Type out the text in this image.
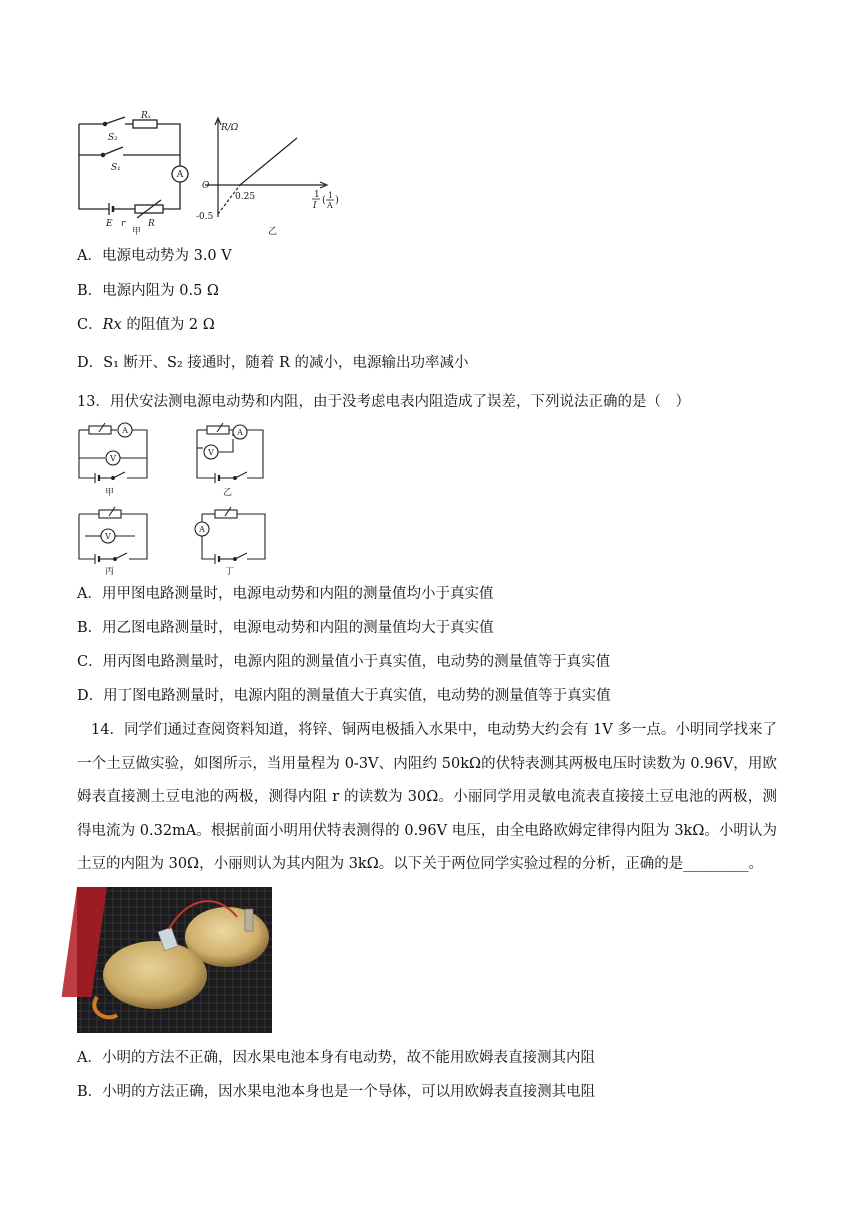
A
Rₓ
S₂
S₁
E r	R
甲
R/Ω
O
0.25
-0.5
1
I ( 1
A )
乙
A．电源电动势为 3.0 V
B．电源内阻为 0.5 Ω
C．Rx 的阻值为 2 Ω
D．S₁ 断开、S₂ 接通时，随着 R 的减小，电源输出功率减小
13．用伏安法测电源电动势和内阻，由于没考虑电表内阻造成了误差，下列说法正确的是（　）
A
V
A
V
V
A
甲	乙
丙	丁
A．用甲图电路测量时，电源电动势和内阻的测量值均小于真实值
B．用乙图电路测量时，电源电动势和内阻的测量值均大于真实值
C．用丙图电路测量时，电源内阻的测量值小于真实值，电动势的测量值等于真实值
D．用丁图电路测量时，电源内阻的测量值大于真实值，电动势的测量值等于真实值
14．同学们通过查阅资料知道，将锌、铜两电极插入水果中，电动势大约会有 1V 多一点。小明同学找来了一个土豆做实验，如图所示，当用量程为 0-3V、内阻约 50kΩ的伏特表测其两极电压时读数为 0.96V，用欧姆表直接测土豆电池的两极，测得内阻 r 的读数为 30Ω。小丽同学用灵敏电流表直接接土豆电池的两极，测得电流为 0.32mA。根据前面小明用伏特表测得的 0.96V 电压，由全电路欧姆定律得内阻为 3kΩ。小明认为土豆的内阻为 30Ω，小丽则认为其内阻为 3kΩ。以下关于两位同学实验过程的分析，正确的是_________。
A．小明的方法不正确，因水果电池本身有电动势，故不能用欧姆表直接测其内阻
B．小明的方法正确，因水果电池本身也是一个导体，可以用欧姆表直接测其电阻
